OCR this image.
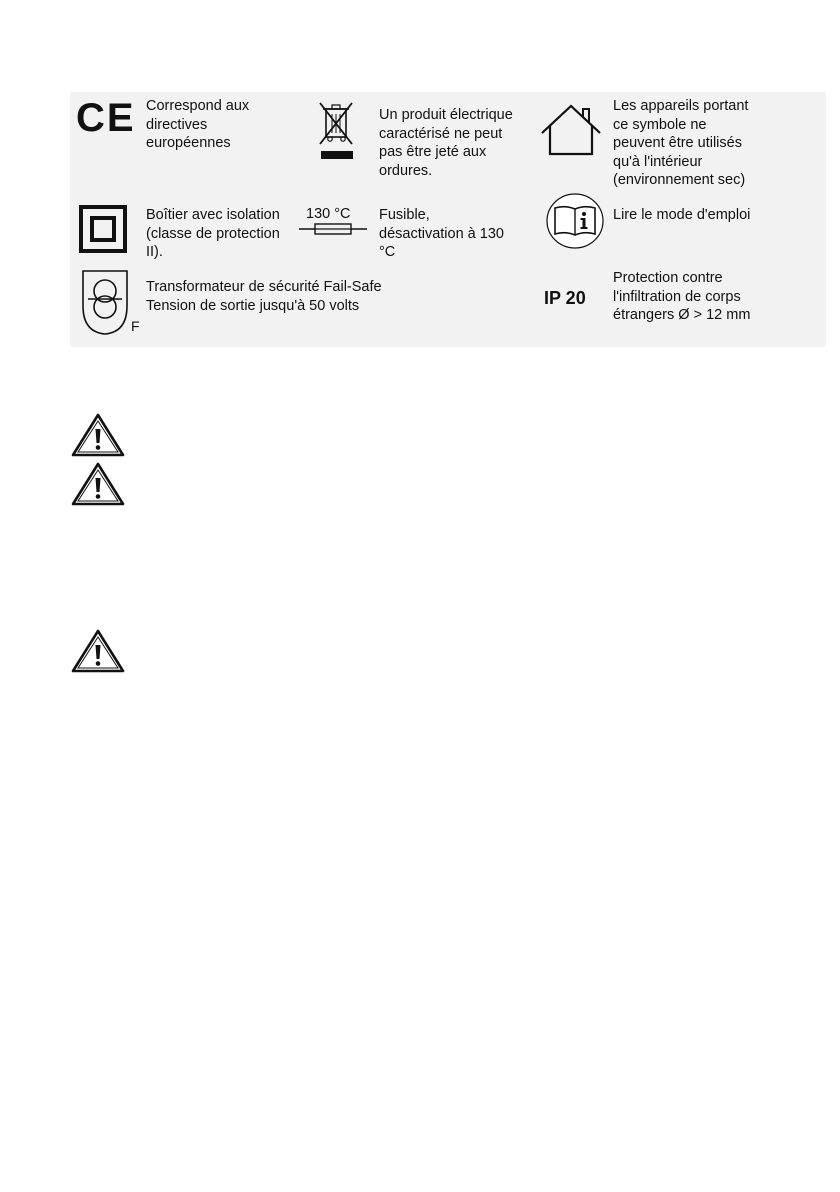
CE Correspond aux
directives
européennes
Un produit électrique
caractérisé ne peut
pas être jeté aux
ordures.
Les appareils portant
ce symbole ne
peuvent être utilisés
qu'à l'intérieur
(environnement sec)
Boîtier avec isolation
(classe de protection
II).
130 °C Fusible,
désactivation à 130
°C
Lire le mode d'emploi
F
Transformateur de sécurité Fail-Safe
Tension de sortie jusqu'à 50 volts	IP 20
Protection contre
l'infiltration de corps
étrangers Ø > 12 mm
